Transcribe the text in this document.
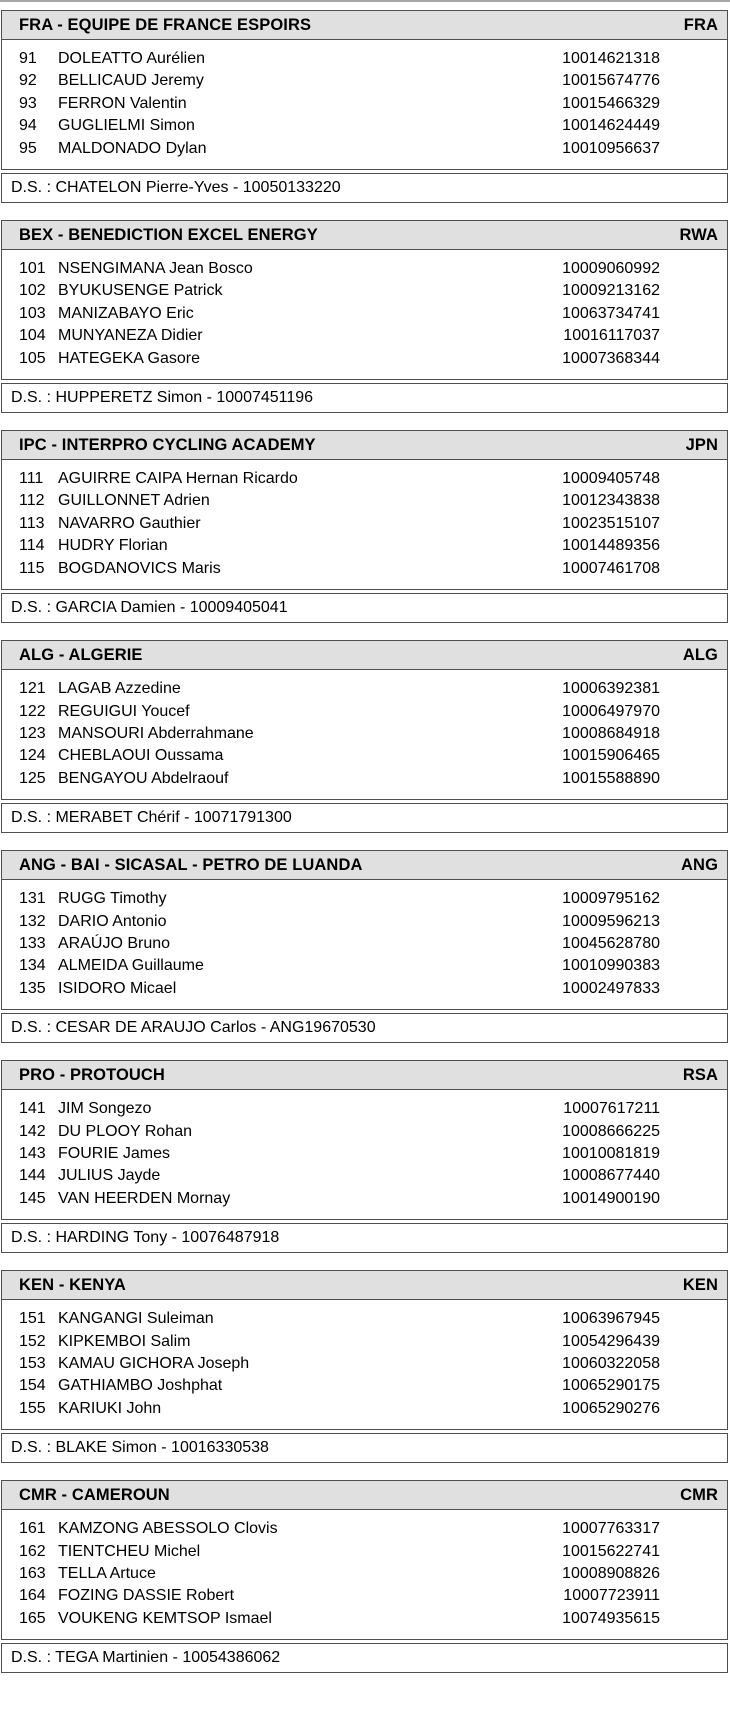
FRA - EQUIPE DE FRANCE ESPOIRS	FRA
91	DOLEATTO Aurélien	10014621318
92	BELLICAUD Jeremy	10015674776
93	FERRON Valentin	10015466329
94	GUGLIELMI Simon	10014624449
95	MALDONADO Dylan	10010956637
D.S. : CHATELON Pierre-Yves - 10050133220
BEX - BENEDICTION EXCEL ENERGY	RWA
101 NSENGIMANA Jean Bosco	10009060992
102 BYUKUSENGE Patrick	10009213162
103 MANIZABAYO Eric	10063734741
104 MUNYANEZA Didier	10016117037
105 HATEGEKA Gasore	10007368344
D.S. : HUPPERETZ Simon - 10007451196
IPC - INTERPRO CYCLING ACADEMY	JPN
111 AGUIRRE CAIPA Hernan Ricardo	10009405748
112 GUILLONNET Adrien	10012343838
113 NAVARRO Gauthier	10023515107
114 HUDRY Florian	10014489356
115 BOGDANOVICS Maris	10007461708
D.S. : GARCIA Damien - 10009405041
ALG - ALGERIE	ALG
121 LAGAB Azzedine	10006392381
122 REGUIGUI Youcef	10006497970
123 MANSOURI Abderrahmane	10008684918
124 CHEBLAOUI Oussama	10015906465
125 BENGAYOU Abdelraouf	10015588890
D.S. : MERABET Chérif - 10071791300
ANG - BAI - SICASAL - PETRO DE LUANDA	ANG
131 RUGG Timothy	10009795162
132 DARIO Antonio	10009596213
133 ARAÚJO Bruno	10045628780
134 ALMEIDA Guillaume	10010990383
135 ISIDORO Micael	10002497833
D.S. : CESAR DE ARAUJO Carlos - ANG19670530
PRO - PROTOUCH	RSA
141 JIM Songezo	10007617211
142 DU PLOOY Rohan	10008666225
143 FOURIE James	10010081819
144 JULIUS Jayde	10008677440
145 VAN HEERDEN Mornay	10014900190
D.S. : HARDING Tony - 10076487918
KEN - KENYA	KEN
151 KANGANGI Suleiman	10063967945
152 KIPKEMBOI Salim	10054296439
153 KAMAU GICHORA Joseph	10060322058
154 GATHIAMBO Joshphat	10065290175
155 KARIUKI John	10065290276
D.S. : BLAKE Simon - 10016330538
CMR - CAMEROUN	CMR
161 KAMZONG ABESSOLO Clovis	10007763317
162 TIENTCHEU Michel	10015622741
163 TELLA Artuce	10008908826
164 FOZING DASSIE Robert	10007723911
165 VOUKENG KEMTSOP Ismael	10074935615
D.S. : TEGA Martinien - 10054386062
